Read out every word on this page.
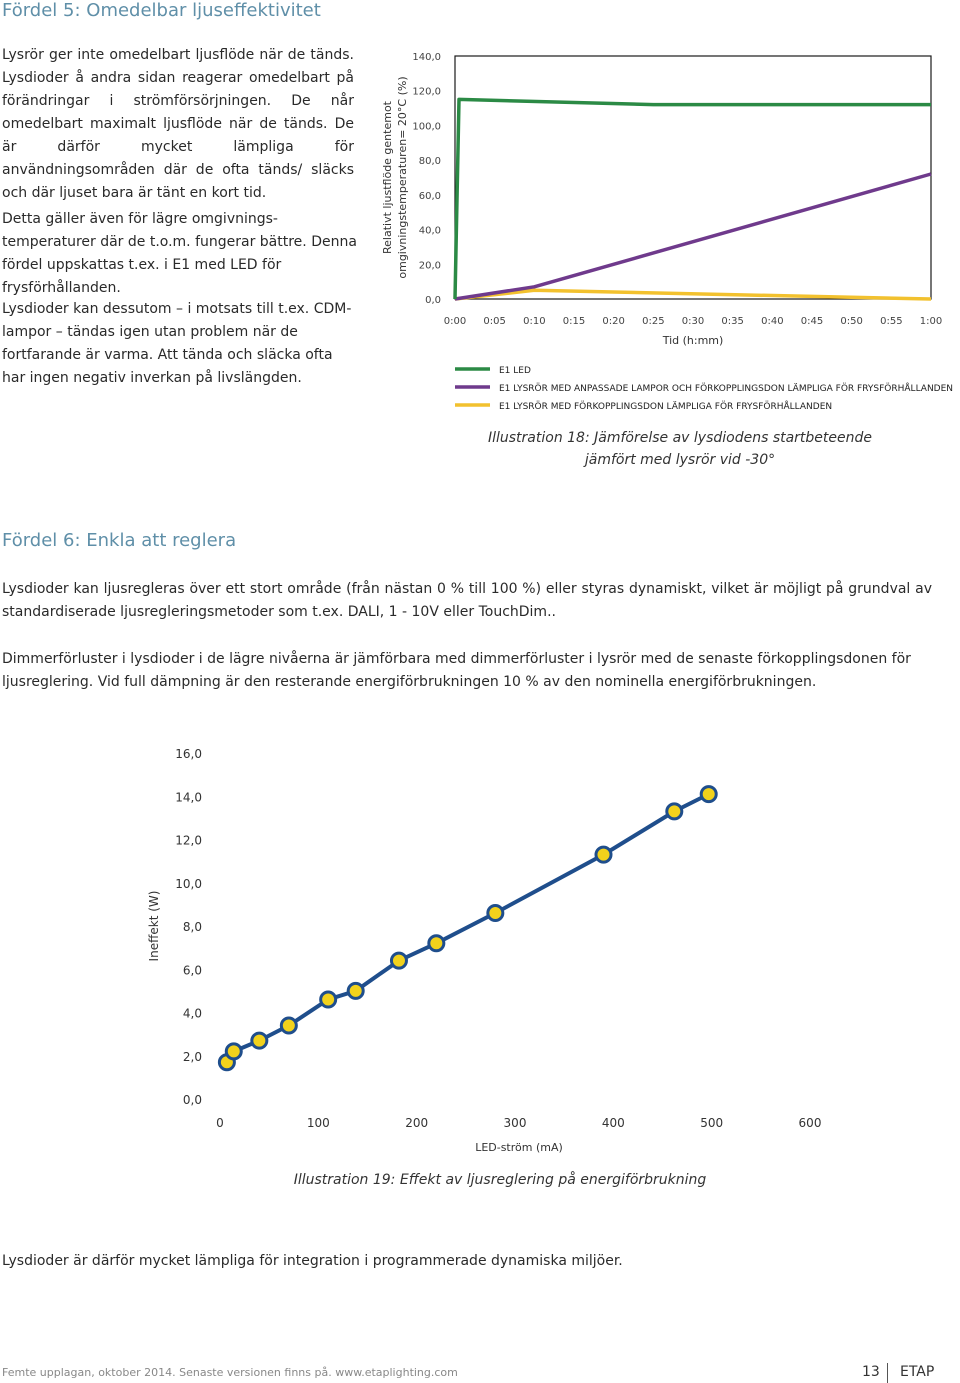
Fördel 5: Omedelbar ljuseffektivitet

Lysrör ger inte omedelbart ljusflöde när de tänds. Lysdioder å andra sidan reagerar omedelbart på förändringar i strömförsörjningen. De når omedelbart maximalt ljusflöde när de tänds. De är därför mycket lämpliga för användningsområden där de ofta tänds/ släcks och där ljuset bara är tänt en kort tid.

Detta gäller även för lägre omgivnings-temperaturer där de t.o.m. fungerar bättre. Denna fördel uppskattas t.ex. i E1 med LED för frysförhållanden.

Lysdioder kan dessutom – i motsats till t.ex. CDM-lampor – tändas igen utan problem när de fortfarande är varma. Att tända och släcka ofta har ingen negativ inverkan på livslängden.

0,0
20,0
40,0
60,0
80,0
100,0
120,0
140,0
0:00 0:05 0:10 0:15 0:20 0:25 0:30 0:35 0:40 0:45 0:50 0:55 1:00
Tid (h:mm)
Relativt ljustflöde gentemot omgivningstemperaturen= 20°C (%)
E1 LED
E1 LYSRÖR MED ANPASSADE LAMPOR OCH FÖRKOPPLINGSDON LÄMPLIGA FÖR FRYSFÖRHÅLLANDEN
E1 LYSRÖR MED FÖRKOPPLINGSDON LÄMPLIGA FÖR FRYSFÖRHÅLLANDEN
Illustration 18: Jämförelse av lysdiodens startbeteende jämfört med lysrör vid -30°
Fördel 6: Enkla att reglera

Lysdioder kan ljusregleras över ett stort område (från nästan 0 % till 100 %) eller styras dynamiskt, vilket är möjligt på grundval av standardiserade ljusregleringsmetoder som t.ex. DALI, 1 - 10V eller TouchDim..

Dimmerförluster i lysdioder i de lägre nivåerna är jämförbara med dimmerförluster i lysrör med de senaste förkopplingsdonen för ljusreglering. Vid full dämpning är den resterande energiförbrukningen 10 % av den nominella energiförbrukningen.

0,0
2,0
4,0
6,0
8,0
10,0
12,0
14,0
16,0
0	100	200	300	400	500	600
LED-ström (mA)
Ineffekt (W)
Illustration 19: Effekt av ljusreglering på energiförbrukning

Lysdioder är därför mycket lämpliga för integration i programmerade dynamiska miljöer.

Femte upplagan, oktober 2014. Senaste versionen finns på. www.etaplighting.com	13 ETAP
